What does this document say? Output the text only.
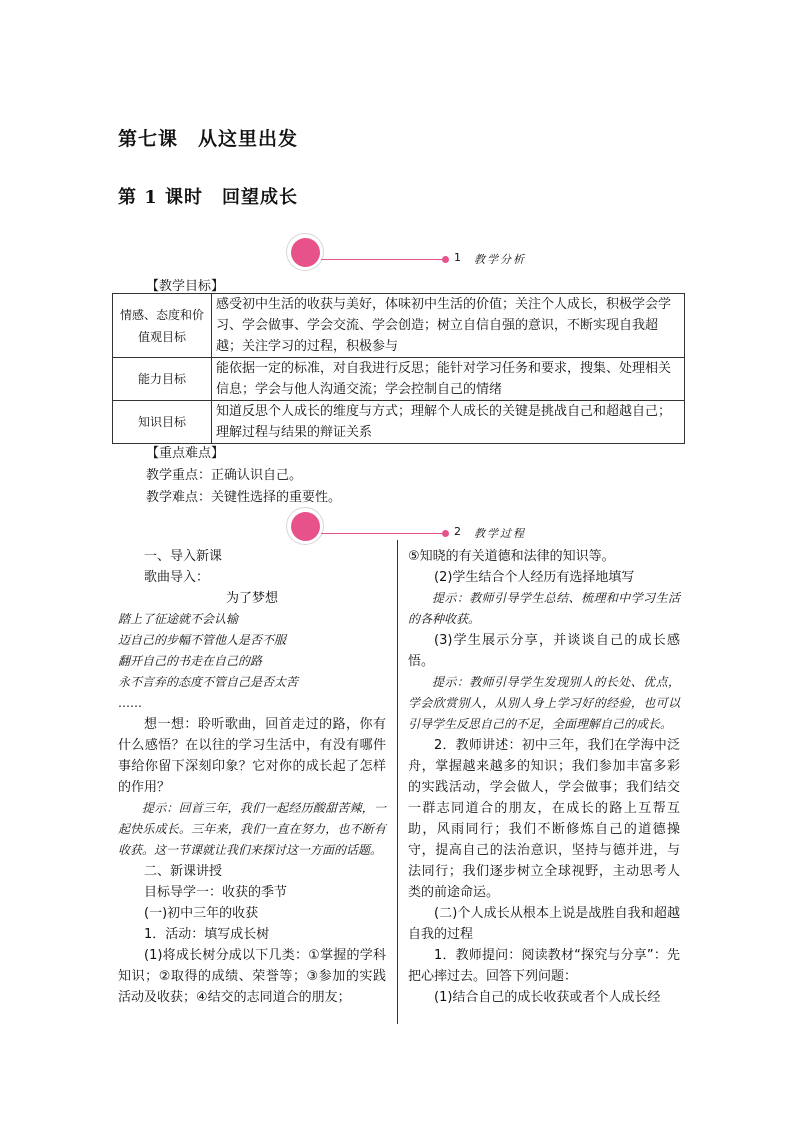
第七课　从这里出发
第 1 课时　回望成长
1 教学分析
【教学目标】
情感、态度和价值观目标	感受初中生活的收获与美好，体味初中生活的价值；关注个人成长，积极学会学习、学会做事、学会交流、学会创造；树立自信自强的意识，不断实现自我超越；关注学习的过程，积极参与
能力目标	能依据一定的标准，对自我进行反思；能针对学习任务和要求，搜集、处理相关信息；学会与他人沟通交流；学会控制自己的情绪
知识目标	知道反思个人成长的维度与方式；理解个人成长的关键是挑战自己和超越自己；理解过程与结果的辩证关系
【重点难点】
教学重点：正确认识自己。
教学难点：关键性选择的重要性。
2 教学过程

一、导入新课

歌曲导入：

为了梦想

踏上了征途就不会认输

迈自己的步幅不管他人是否不服

翻开自己的书走在自己的路

永不言弃的态度不管自己是否太苦

……

想一想：聆听歌曲，回首走过的路，你有什么感悟？在以往的学习生活中，有没有哪件事给你留下深刻印象？它对你的成长起了怎样的作用？

提示：回首三年，我们一起经历酸甜苦辣，一起快乐成长。三年来，我们一直在努力，也不断有收获。这一节课就让我们来探讨这一方面的话题。

二、新课讲授

目标导学一：收获的季节

(一)初中三年的收获

1．活动：填写成长树

(1)将成长树分成以下几类：①掌握的学科知识；②取得的成绩、荣誉等；③参加的实践活动及收获；④结交的志同道合的朋友；

⑤知晓的有关道德和法律的知识等。

(2)学生结合个人经历有选择地填写

提示：教师引导学生总结、梳理和中学习生活的各种收获。

(3)学生展示分享，并谈谈自己的成长感悟。

提示：教师引导学生发现别人的长处、优点，学会欣赏别人，从别人身上学习好的经验，也可以引导学生反思自己的不足，全面理解自己的成长。

2．教师讲述：初中三年，我们在学海中泛舟，掌握越来越多的知识；我们参加丰富多彩的实践活动，学会做人，学会做事；我们结交一群志同道合的朋友，在成长的路上互帮互助，风雨同行；我们不断修炼自己的道德操守，提高自己的法治意识，坚持与德并进，与法同行；我们逐步树立全球视野，主动思考人类的前途命运。

(二)个人成长从根本上说是战胜自我和超越自我的过程

1．教师提问：阅读教材“探究与分享”：先把心摔过去。回答下列问题：

(1)结合自己的成长收获或者个人成长经
